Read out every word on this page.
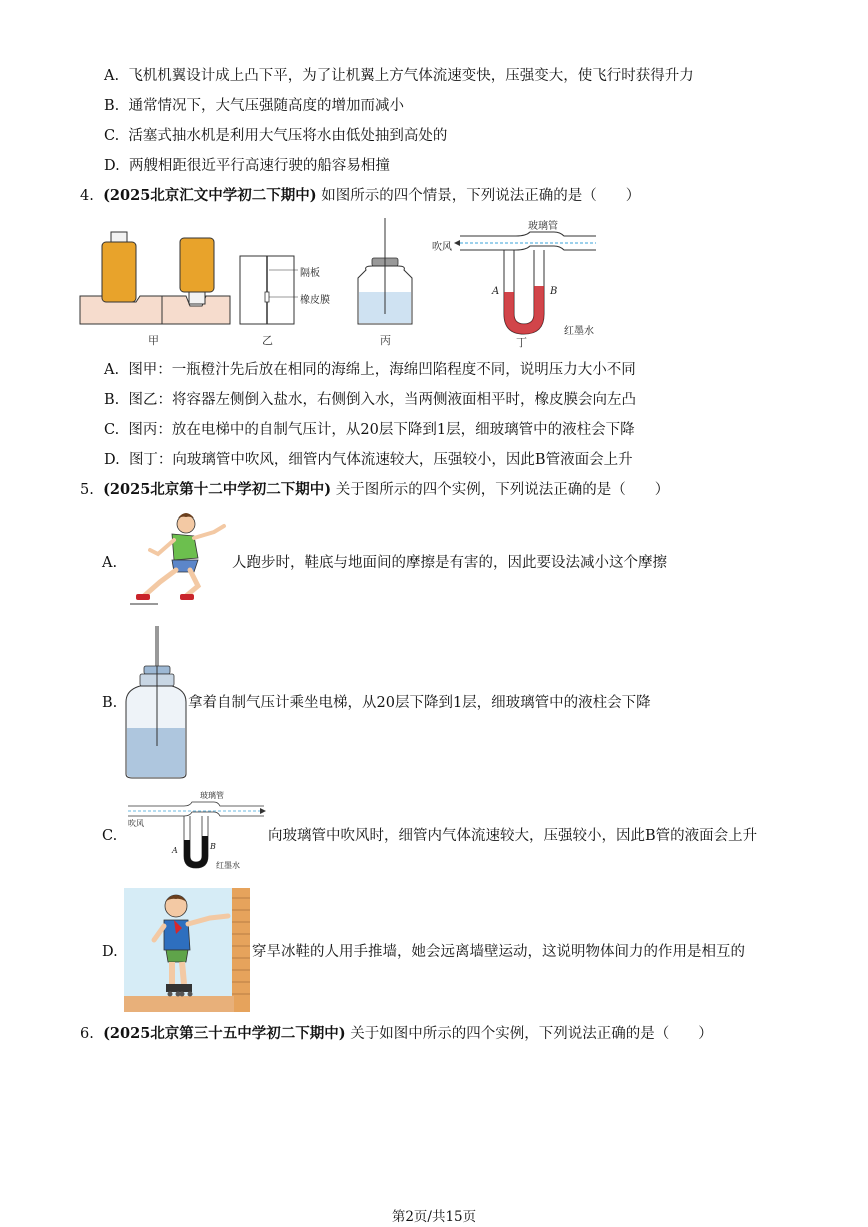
A. 飞机机翼设计成上凸下平，为了让机翼上方气体流速变快，压强变大，使飞行时获得升力
B. 通常情况下，大气压强随高度的增加而减小
C. 活塞式抽水机是利用大气压将水由低处抽到高处的
D. 两艘相距很近平行高速行驶的船容易相撞
4. (2025北京汇文中学初二下期中) 如图所示的四个情景，下列说法正确的是（　　）
甲	乙	丙	丁
隔板
橡皮膜
玻璃管
吹风
A	B
红墨水
A. 图甲：一瓶橙汁先后放在相同的海绵上，海绵凹陷程度不同，说明压力大小不同
B. 图乙：将容器左侧倒入盐水，右侧倒入水，当两侧液面相平时，橡皮膜会向左凸
C. 图丙：放在电梯中的自制气压计，从20层下降到1层，细玻璃管中的液柱会下降
D. 图丁：向玻璃管中吹风，细管内气体流速较大，压强较小，因此B管液面会上升
5. (2025北京第十二中学初二下期中) 关于图所示的四个实例，下列说法正确的是（　　）
A.	人跑步时，鞋底与地面间的摩擦是有害的，因此要设法减小这个摩擦
B.	拿着自制气压计乘坐电梯，从20层下降到1层，细玻璃管中的液柱会下降
C.
玻璃管
吹风
A	B
红墨水
向玻璃管中吹风时，细管内气体流速较大，压强较小，因此B管的液面会上升
D.	穿旱冰鞋的人用手推墙，她会远离墙壁运动，这说明物体间力的作用是相互的
6. (2025北京第三十五中学初二下期中) 关于如图中所示的四个实例，下列说法正确的是（　　）
第2页/共15页
